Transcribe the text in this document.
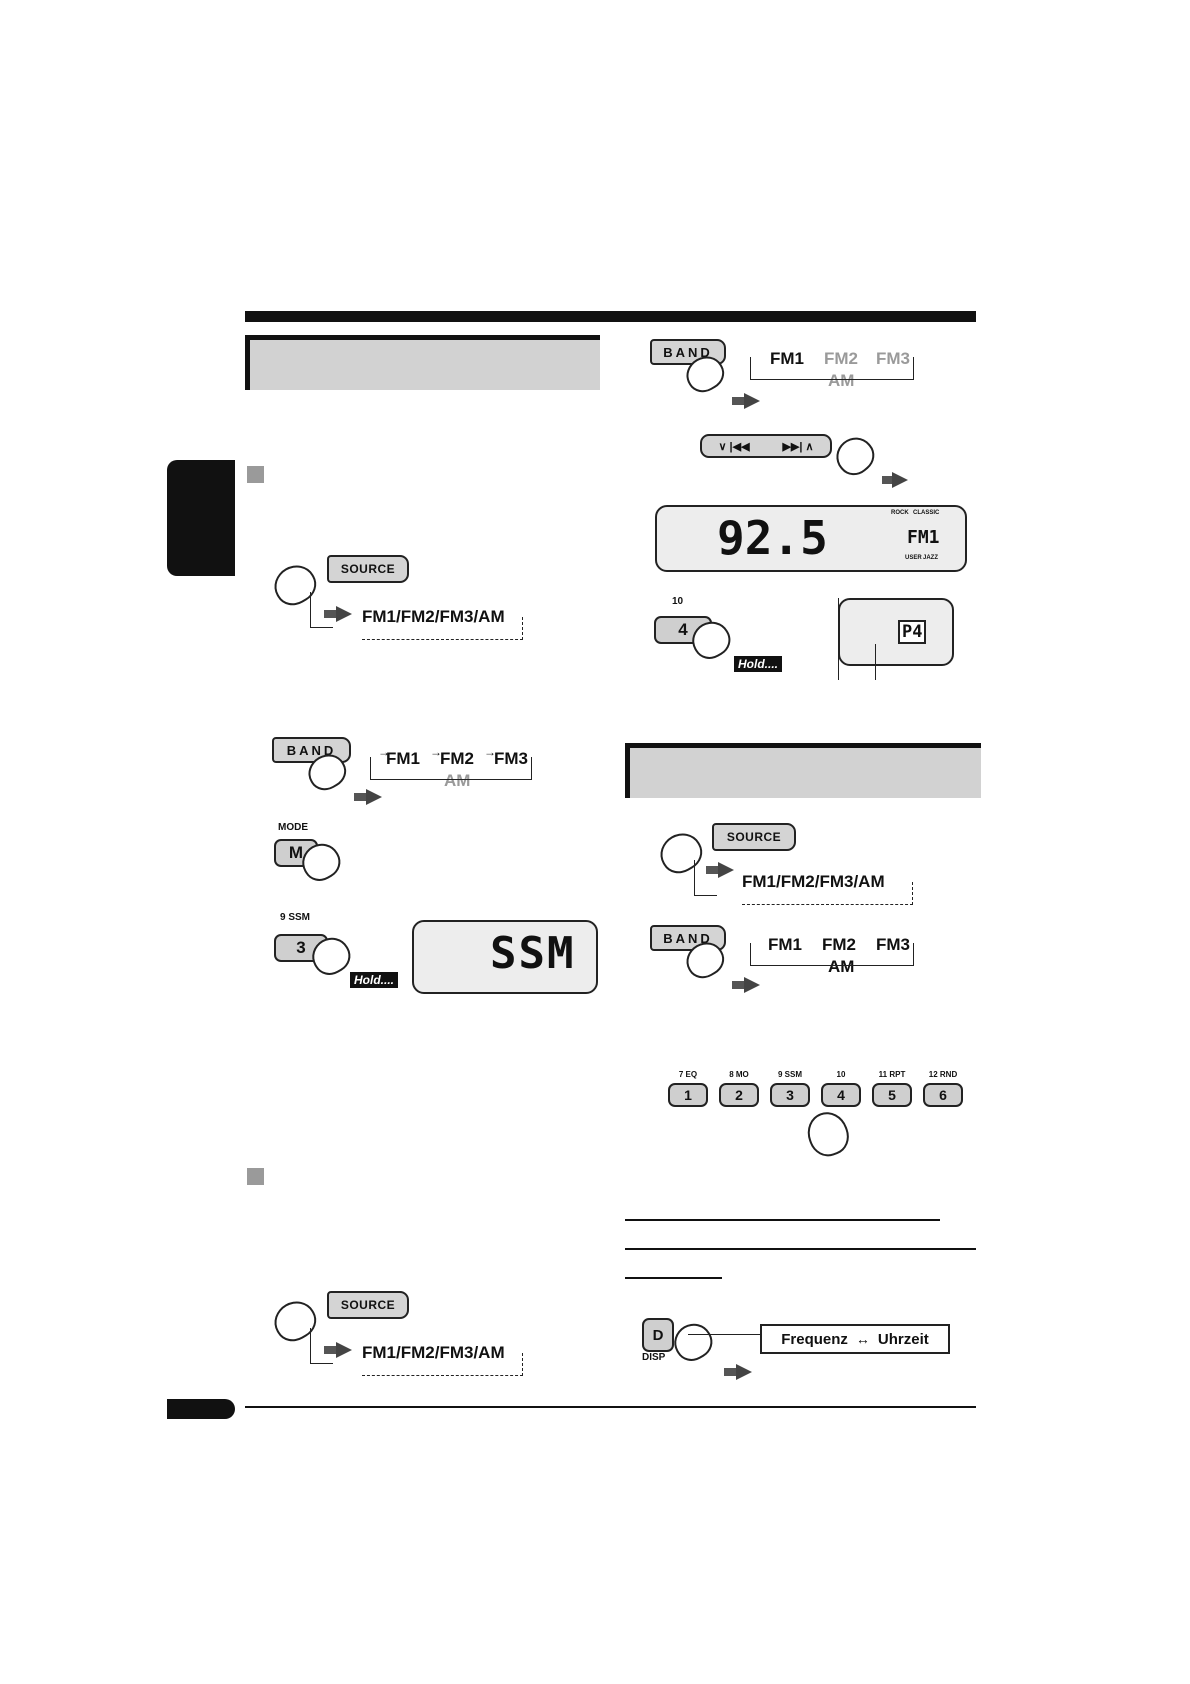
SOURCE
FM1/FM2/FM3/AM
BAND	FM1 FM2 FM3
AM
MODE
M
9 SSM
3
Hold....
SSM
SOURCE
FM1/FM2/FM3/AM
BAND	FM1 FM2 FM3
AM
∨ |◀◀	▶▶| ∧
92.5	FM1
ROCK CLASSIC
USER JAZZ
10
4
Hold....
P4
SOURCE
FM1/FM2/FM3/AM
BAND	FM1 FM2 FM3
AM
7 EQ
1
8 MO
2
9 SSM
3
10
4
11 RPT
5
12 RND
6
D
DISP
Frequenz ↔ Uhrzeit
→	→	→
